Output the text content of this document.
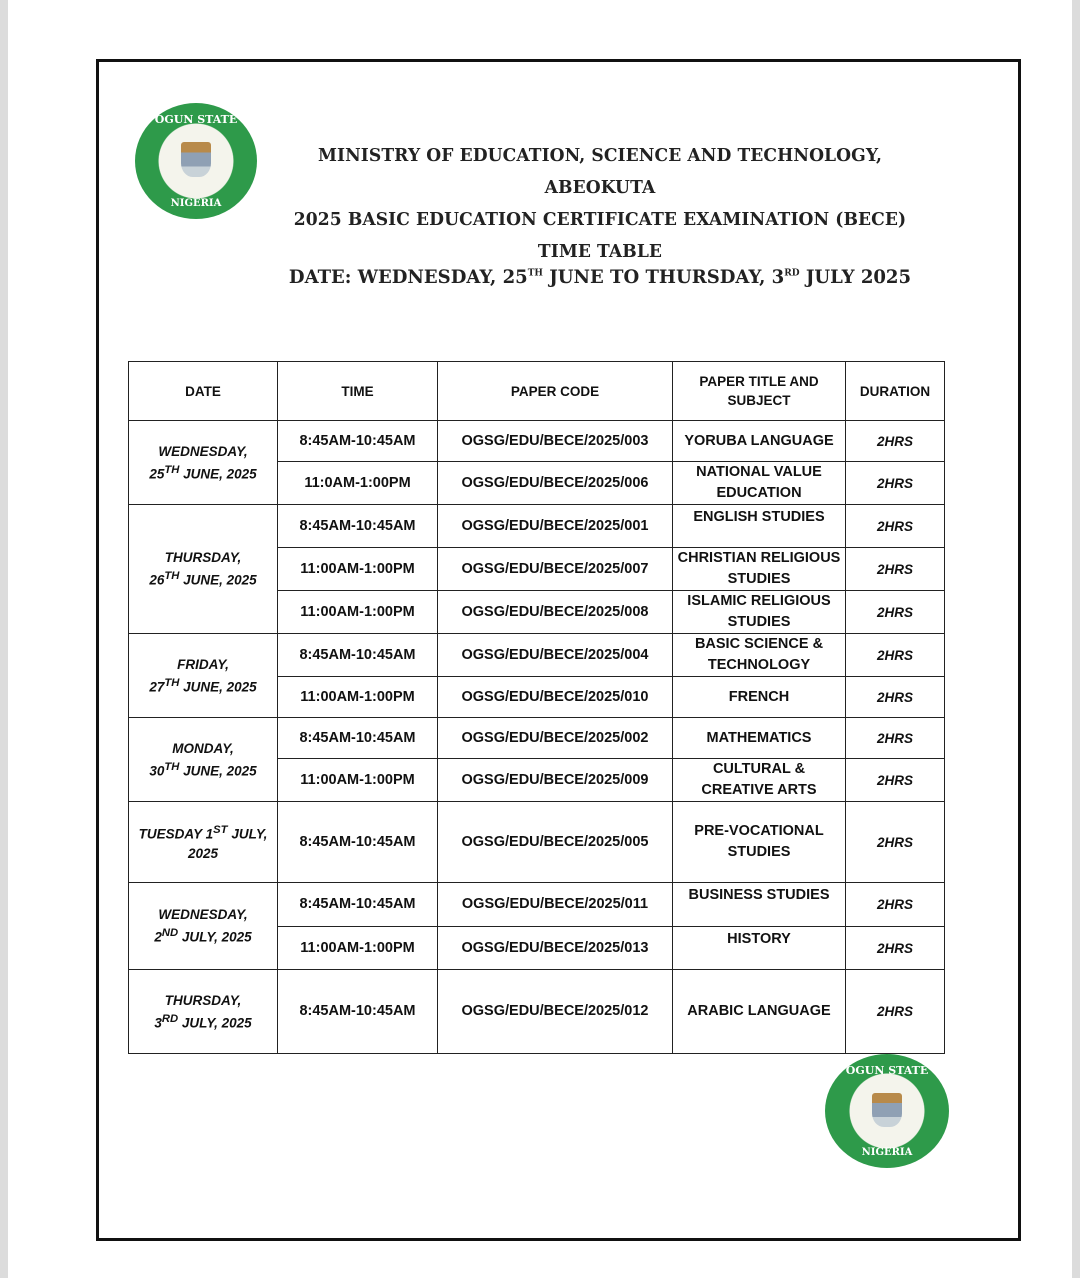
OGUN STATE
NIGERIA
MINISTRY OF EDUCATION, SCIENCE AND TECHNOLOGY, ABEOKUTA
2025 BASIC EDUCATION CERTIFICATE EXAMINATION (BECE)
TIME TABLE
DATE: WEDNESDAY, 25TH JUNE TO THURSDAY, 3RD JULY 2025
DATE	TIME	PAPER CODE	PAPER TITLE AND SUBJECT	DURATION
WEDNESDAY,
25TH JUNE, 2025	8:45AM-10:45AM	OGSG/EDU/BECE/2025/003	YORUBA LANGUAGE	2HRS
	11:0AM-1:00PM	OGSG/EDU/BECE/2025/006	NATIONAL VALUE EDUCATION	2HRS
THURSDAY,
26TH JUNE, 2025	8:45AM-10:45AM	OGSG/EDU/BECE/2025/001	ENGLISH STUDIES	2HRS
	11:00AM-1:00PM	OGSG/EDU/BECE/2025/007	CHRISTIAN RELIGIOUS STUDIES	2HRS
	11:00AM-1:00PM	OGSG/EDU/BECE/2025/008	ISLAMIC RELIGIOUS STUDIES	2HRS
FRIDAY,
27TH JUNE, 2025	8:45AM-10:45AM	OGSG/EDU/BECE/2025/004	BASIC SCIENCE & TECHNOLOGY	2HRS
	11:00AM-1:00PM	OGSG/EDU/BECE/2025/010	FRENCH	2HRS
MONDAY,
30TH JUNE, 2025	8:45AM-10:45AM	OGSG/EDU/BECE/2025/002	MATHEMATICS	2HRS
	11:00AM-1:00PM	OGSG/EDU/BECE/2025/009	CULTURAL & CREATIVE ARTS	2HRS
TUESDAY 1ST JULY,
2025	8:45AM-10:45AM	OGSG/EDU/BECE/2025/005	PRE-VOCATIONAL STUDIES	2HRS
WEDNESDAY,
2ND JULY, 2025	8:45AM-10:45AM	OGSG/EDU/BECE/2025/011	BUSINESS STUDIES	2HRS
	11:00AM-1:00PM	OGSG/EDU/BECE/2025/013	HISTORY	2HRS
THURSDAY,
3RD JULY, 2025	8:45AM-10:45AM	OGSG/EDU/BECE/2025/012	ARABIC LANGUAGE	2HRS
OGUN STATE
NIGERIA
